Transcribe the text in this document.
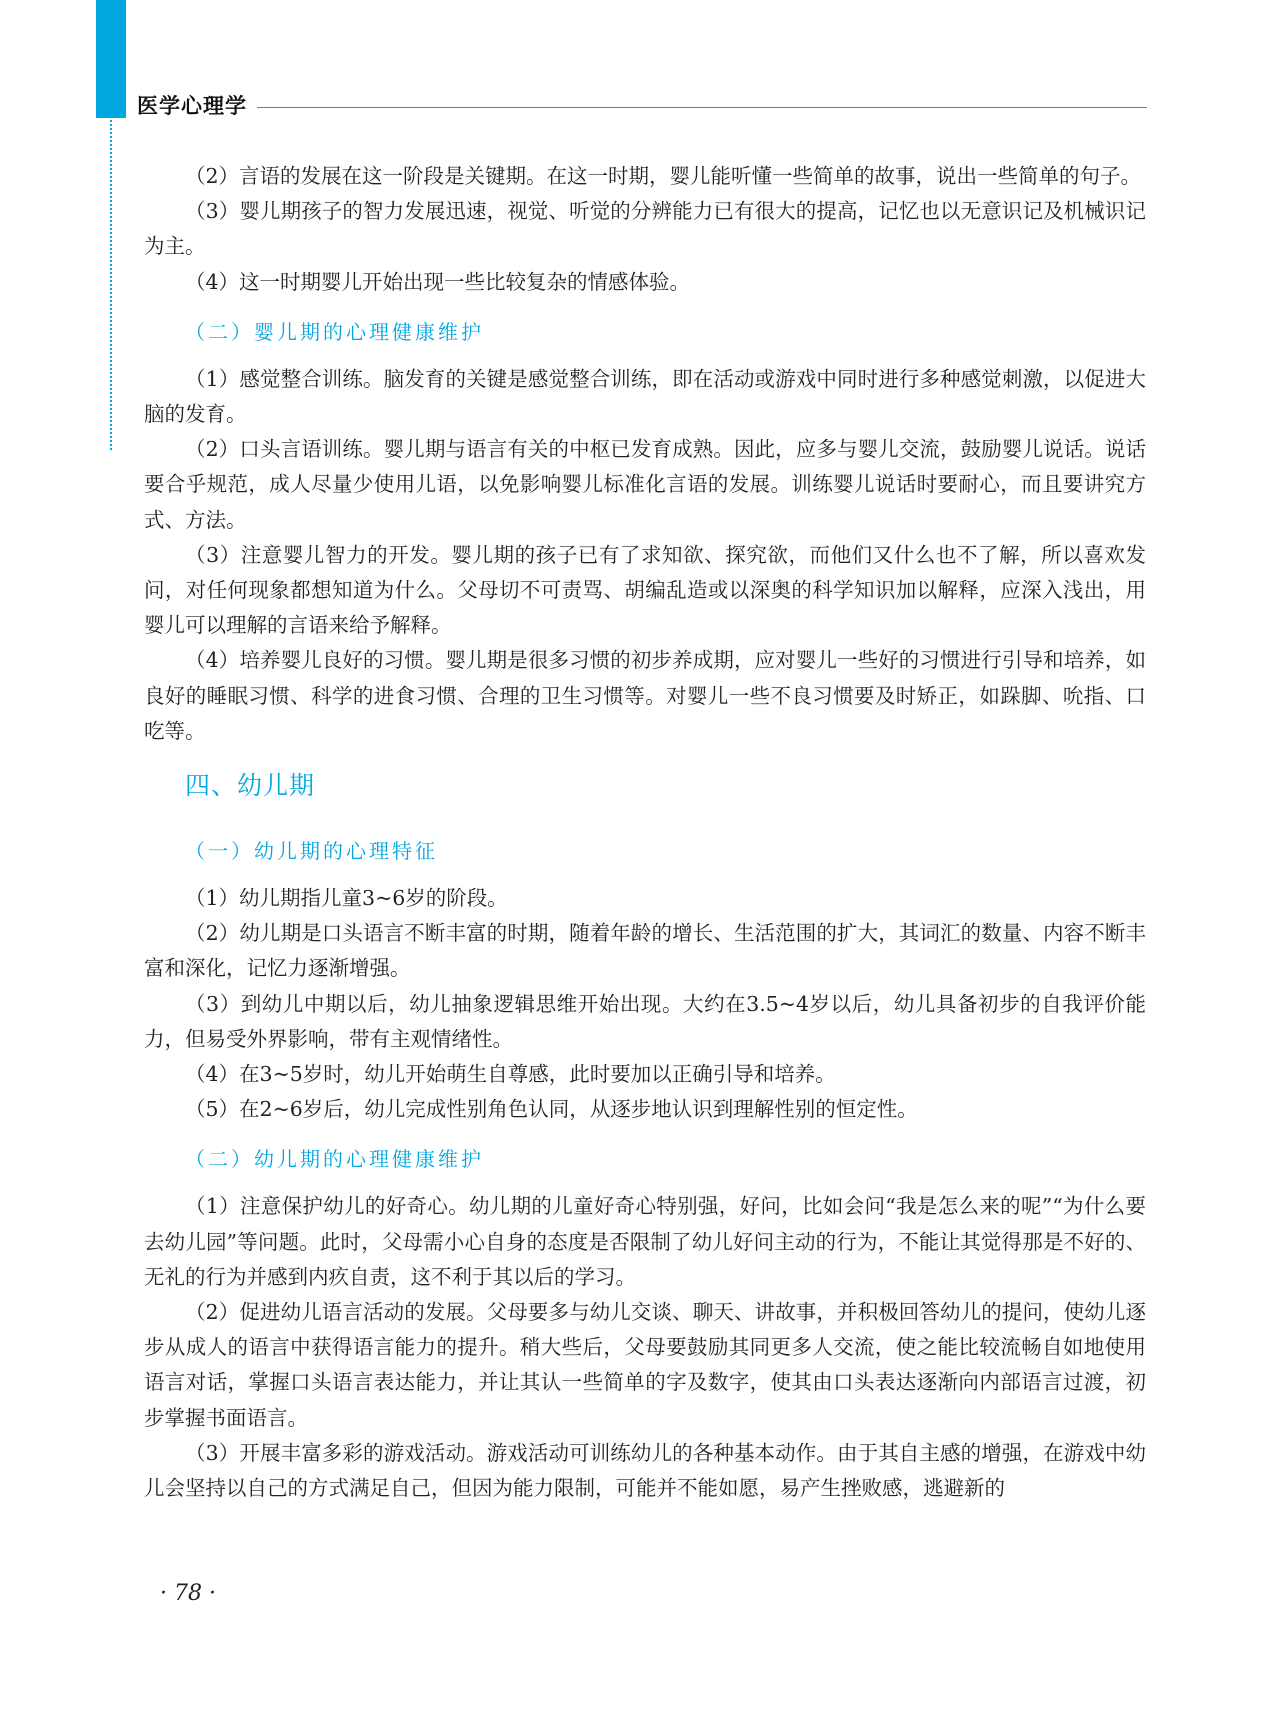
医学心理学

（2）言语的发展在这一阶段是关键期。在这一时期，婴儿能听懂一些简单的故事，说出一些简单的句子。

（3）婴儿期孩子的智力发展迅速，视觉、听觉的分辨能力已有很大的提高，记忆也以无意识记及机械识记为主。

（4）这一时期婴儿开始出现一些比较复杂的情感体验。

（二）婴儿期的心理健康维护

（1）感觉整合训练。脑发育的关键是感觉整合训练，即在活动或游戏中同时进行多种感觉刺激，以促进大脑的发育。

（2）口头言语训练。婴儿期与语言有关的中枢已发育成熟。因此，应多与婴儿交流，鼓励婴儿说话。说话要合乎规范，成人尽量少使用儿语，以免影响婴儿标准化言语的发展。训练婴儿说话时要耐心，而且要讲究方式、方法。

（3）注意婴儿智力的开发。婴儿期的孩子已有了求知欲、探究欲，而他们又什么也不了解，所以喜欢发问，对任何现象都想知道为什么。父母切不可责骂、胡编乱造或以深奥的科学知识加以解释，应深入浅出，用婴儿可以理解的言语来给予解释。

（4）培养婴儿良好的习惯。婴儿期是很多习惯的初步养成期，应对婴儿一些好的习惯进行引导和培养，如良好的睡眠习惯、科学的进食习惯、合理的卫生习惯等。对婴儿一些不良习惯要及时矫正，如跺脚、吮指、口吃等。

四、幼儿期

（一）幼儿期的心理特征

（1）幼儿期指儿童3~6岁的阶段。

（2）幼儿期是口头语言不断丰富的时期，随着年龄的增长、生活范围的扩大，其词汇的数量、内容不断丰富和深化，记忆力逐渐增强。

（3）到幼儿中期以后，幼儿抽象逻辑思维开始出现。大约在3.5~4岁以后，幼儿具备初步的自我评价能力，但易受外界影响，带有主观情绪性。

（4）在3~5岁时，幼儿开始萌生自尊感，此时要加以正确引导和培养。

（5）在2~6岁后，幼儿完成性别角色认同，从逐步地认识到理解性别的恒定性。

（二）幼儿期的心理健康维护

（1）注意保护幼儿的好奇心。幼儿期的儿童好奇心特别强，好问，比如会问“我是怎么来的呢”“为什么要去幼儿园”等问题。此时，父母需小心自身的态度是否限制了幼儿好问主动的行为，不能让其觉得那是不好的、无礼的行为并感到内疚自责，这不利于其以后的学习。

（2）促进幼儿语言活动的发展。父母要多与幼儿交谈、聊天、讲故事，并积极回答幼儿的提问，使幼儿逐步从成人的语言中获得语言能力的提升。稍大些后，父母要鼓励其同更多人交流，使之能比较流畅自如地使用语言对话，掌握口头语言表达能力，并让其认一些简单的字及数字，使其由口头表达逐渐向内部语言过渡，初步掌握书面语言。

（3）开展丰富多彩的游戏活动。游戏活动可训练幼儿的各种基本动作。由于其自主感的增强，在游戏中幼儿会坚持以自己的方式满足自己，但因为能力限制，可能并不能如愿，易产生挫败感，逃避新的

· 78 ·
